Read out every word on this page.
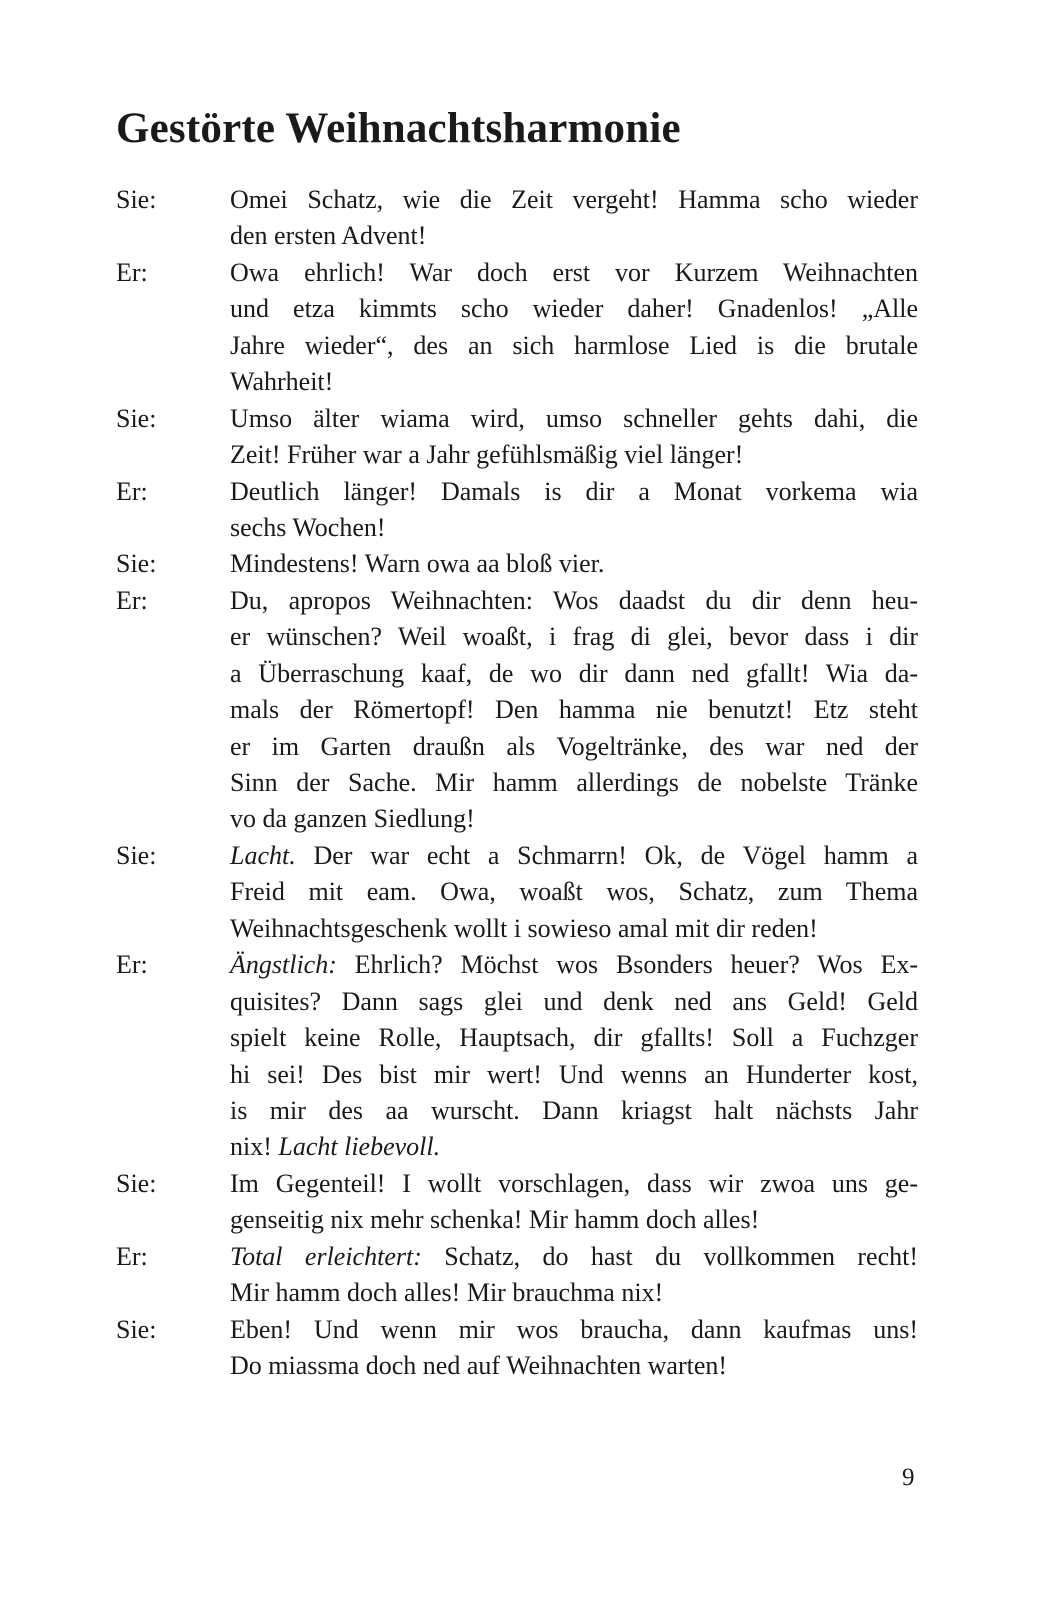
Gestörte Weihnachtsharmonie
Sie:	Omei Schatz, wie die Zeit vergeht! Hamma scho wieder
den ersten Advent!
Er:	Owa ehrlich! War doch erst vor Kurzem Weihnachten
und etza kimmts scho wieder daher! Gnadenlos! „Alle
Jahre wieder“, des an sich harmlose Lied is die brutale
Wahrheit!
Sie:	Umso älter wiama wird, umso schneller gehts dahi, die
Zeit! Früher war a Jahr gefühlsmäßig viel länger!
Er:	Deutlich länger! Damals is dir a Monat vorkema wia
sechs Wochen!
Sie:	Mindestens! Warn owa aa bloß vier.
Er:	Du, apropos Weihnachten: Wos daadst du dir denn heu-
er wünschen? Weil woaßt, i frag di glei, bevor dass i dir
a Überraschung kaaf, de wo dir dann ned gfallt! Wia da-
mals der Römertopf! Den hamma nie benutzt! Etz steht
er im Garten draußn als Vogeltränke, des war ned der
Sinn der Sache. Mir hamm allerdings de nobelste Tränke
vo da ganzen Siedlung!
Sie:	Lacht. Der war echt a Schmarrn! Ok, de Vögel hamm a
Freid mit eam. Owa, woaßt wos, Schatz, zum Thema
Weihnachtsgeschenk wollt i sowieso amal mit dir reden!
Er:	Ängstlich: Ehrlich? Möchst wos Bsonders heuer? Wos Ex-
quisites? Dann sags glei und denk ned ans Geld! Geld
spielt keine Rolle, Hauptsach, dir gfallts! Soll a Fuchzger
hi sei! Des bist mir wert! Und wenns an Hunderter kost,
is mir des aa wurscht. Dann kriagst halt nächsts Jahr
nix! Lacht liebevoll.
Sie:	Im Gegenteil! I wollt vorschlagen, dass wir zwoa uns ge-
genseitig nix mehr schenka! Mir hamm doch alles!
Er:	Total erleichtert: Schatz, do hast du vollkommen recht!
Mir hamm doch alles! Mir brauchma nix!
Sie:	Eben! Und wenn mir wos braucha, dann kaufmas uns!
Do miassma doch ned auf Weihnachten warten!
9
